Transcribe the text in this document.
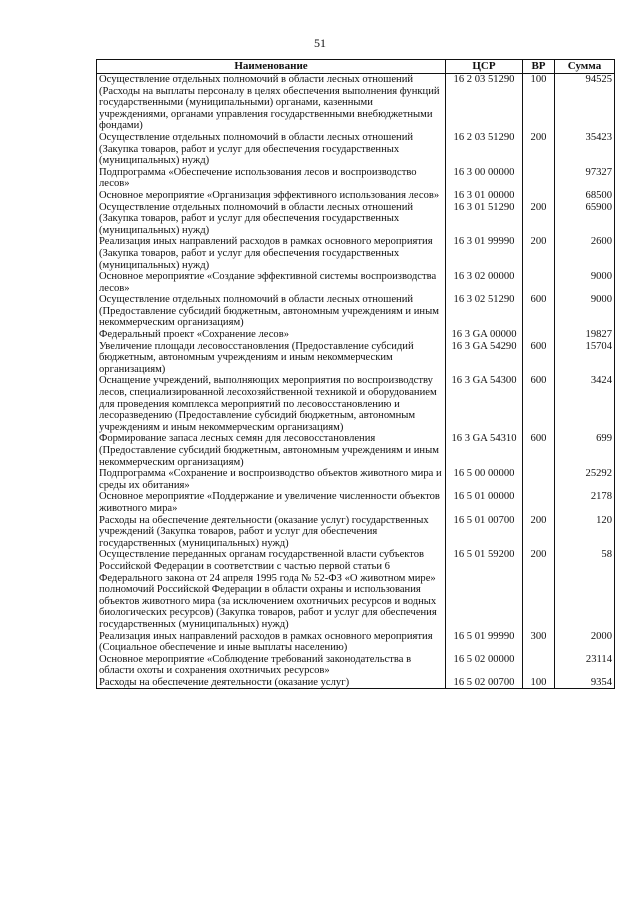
51
Наименование	ЦСР	ВР	Сумма
Осуществление отдельных полномочий в области лесных отношений (Расходы на выплаты персоналу в целях обеспечения выполнения функций государственными (муниципальными) органами, казенными учреждениями, органами управления государственными внебюджетными фондами)	16 2 03 51290	100	94525
Осуществление отдельных полномочий в области лесных отношений (Закупка товаров, работ и услуг для обеспечения государственных (муниципальных) нужд)	16 2 03 51290	200	35423
Подпрограмма «Обеспечение использования лесов и воспроизводство лесов»	16 3 00 00000		97327
Основное мероприятие «Организация эффективного использования лесов»	16 3 01 00000		68500
Осуществление отдельных полномочий в области лесных отношений (Закупка товаров, работ и услуг для обеспечения государственных (муниципальных) нужд)	16 3 01 51290	200	65900
Реализация иных направлений расходов в рамках основного мероприятия (Закупка товаров, работ и услуг для обеспечения государственных (муниципальных) нужд)	16 3 01 99990	200	2600
Основное мероприятие «Создание эффективной системы воспроизводства лесов»	16 3 02 00000		9000
Осуществление отдельных полномочий в области лесных отношений (Предоставление субсидий бюджетным, автономным учреждениям и иным некоммерческим организациям)	16 3 02 51290	600	9000
Федеральный проект «Сохранение лесов»	16 3 GA 00000		19827
Увеличение площади лесовосстановления (Предоставление субсидий бюджетным, автономным учреждениям и иным некоммерческим организациям)	16 3 GA 54290	600	15704
Оснащение учреждений, выполняющих мероприятия по воспроизводству лесов, специализированной лесохозяйственной техникой и оборудованием для проведения комплекса мероприятий по лесовосстановлению и лесоразведению (Предоставление субсидий бюджетным, автономным учреждениям и иным некоммерческим организациям)	16 3 GA 54300	600	3424
Формирование запаса лесных семян для лесовосстановления (Предоставление субсидий бюджетным, автономным учреждениям и иным некоммерческим организациям)	16 3 GA 54310	600	699
Подпрограмма «Сохранение и воспроизводство объектов животного мира и среды их обитания»	16 5 00 00000		25292
Основное мероприятие «Поддержание и увеличение численности объектов животного мира»	16 5 01 00000		2178
Расходы на обеспечение деятельности (оказание услуг) государственных учреждений (Закупка товаров, работ и услуг для обеспечения государственных (муниципальных) нужд)	16 5 01 00700	200	120
Осуществление переданных органам государственной власти субъектов Российской Федерации в соответствии с частью первой статьи 6 Федерального закона от 24 апреля 1995 года № 52-ФЗ «О животном мире» полномочий Российской Федерации в области охраны и использования объектов животного мира (за исключением охотничьих ресурсов и водных биологических ресурсов) (Закупка товаров, работ и услуг для обеспечения государственных (муниципальных) нужд)	16 5 01 59200	200	58
Реализация иных направлений расходов в рамках основного мероприятия (Социальное обеспечение и иные выплаты населению)	16 5 01 99990	300	2000
Основное мероприятие «Соблюдение требований законодательства в области охоты и сохранения охотничьих ресурсов»	16 5 02 00000		23114
Расходы на обеспечение деятельности (оказание услуг)	16 5 02 00700	100	9354
